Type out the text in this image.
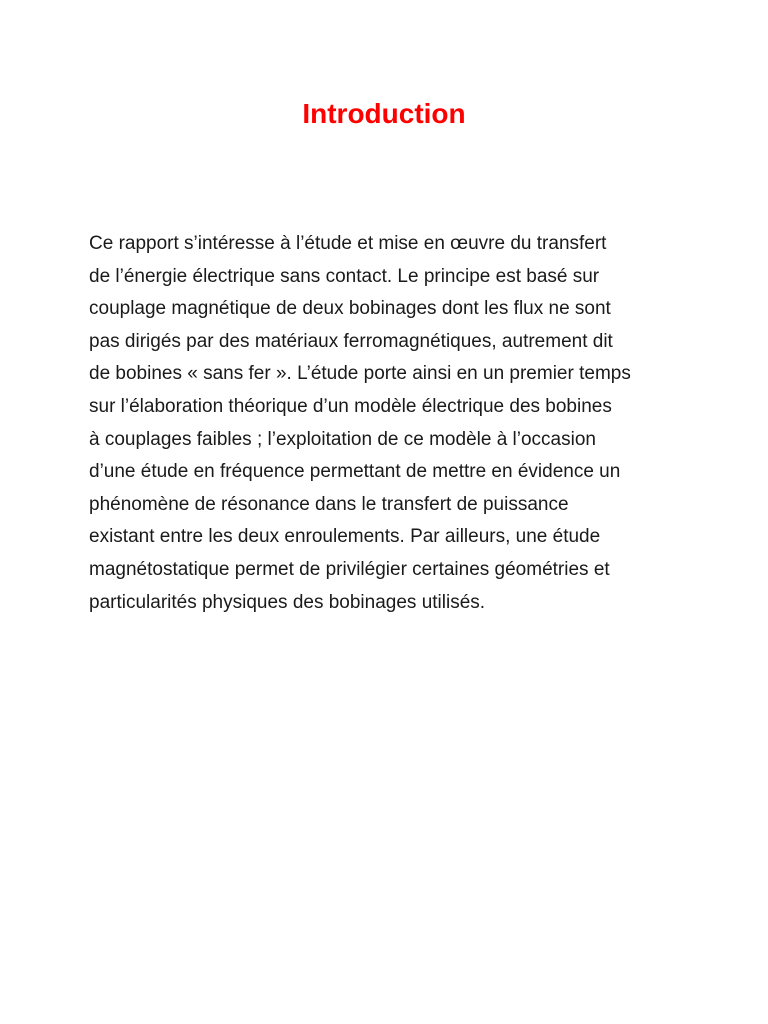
Introduction

Ce rapport s’intéresse à l’étude et mise en œuvre du transfert
de l’énergie électrique sans contact. Le principe est basé sur
couplage magnétique de deux bobinages dont les flux ne sont
pas dirigés par des matériaux ferromagnétiques, autrement dit
de bobines « sans fer ». L’étude porte ainsi en un premier temps
sur l’élaboration théorique d’un modèle électrique des bobines
à couplages faibles ; l’exploitation de ce modèle à l’occasion
d’une étude en fréquence permettant de mettre en évidence un
phénomène de résonance dans le transfert de puissance
existant entre les deux enroulements. Par ailleurs, une étude
magnétostatique permet de privilégier certaines géométries et
particularités physiques des bobinages utilisés.
